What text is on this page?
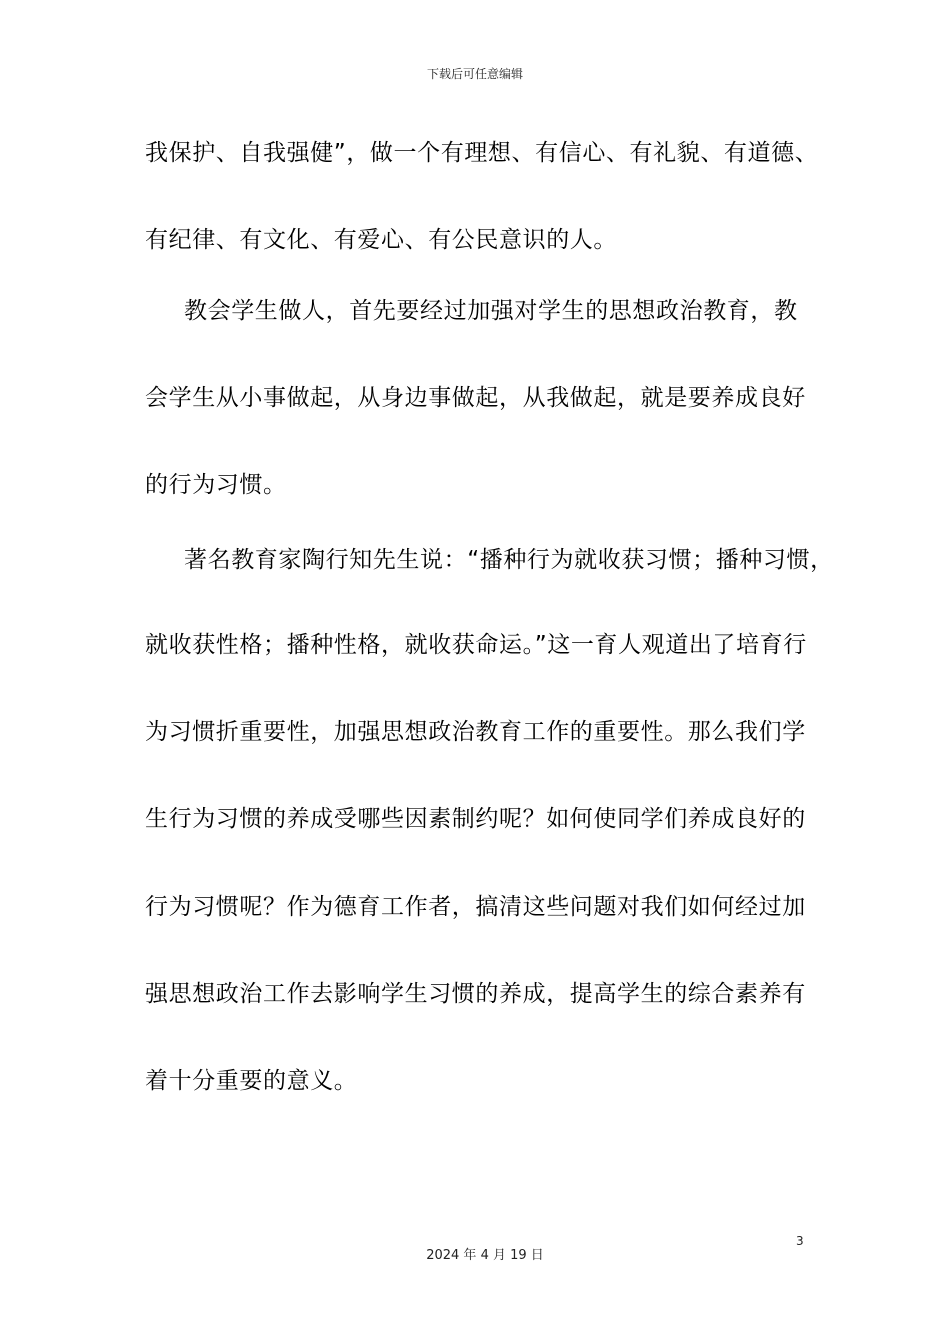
下载后可任意编辑
我保护、自我强健”，做一个有理想、有信心、有礼貌、有道德、
有纪律、有文化、有爱心、有公民意识的人。
教会学生做人，首先要经过加强对学生的思想政治教育，教
会学生从小事做起，从身边事做起，从我做起，就是要养成良好
的行为习惯。
著名教育家陶行知先生说：“播种行为就收获习惯；播种习惯，
就收获性格；播种性格，就收获命运。”这一育人观道出了培育行
为习惯折重要性，加强思想政治教育工作的重要性。那么我们学
生行为习惯的养成受哪些因素制约呢？如何使同学们养成良好的
行为习惯呢？作为德育工作者，搞清这些问题对我们如何经过加
强思想政治工作去影响学生习惯的养成，提高学生的综合素养有
着十分重要的意义。
3
2024 年 4 月 19 日
